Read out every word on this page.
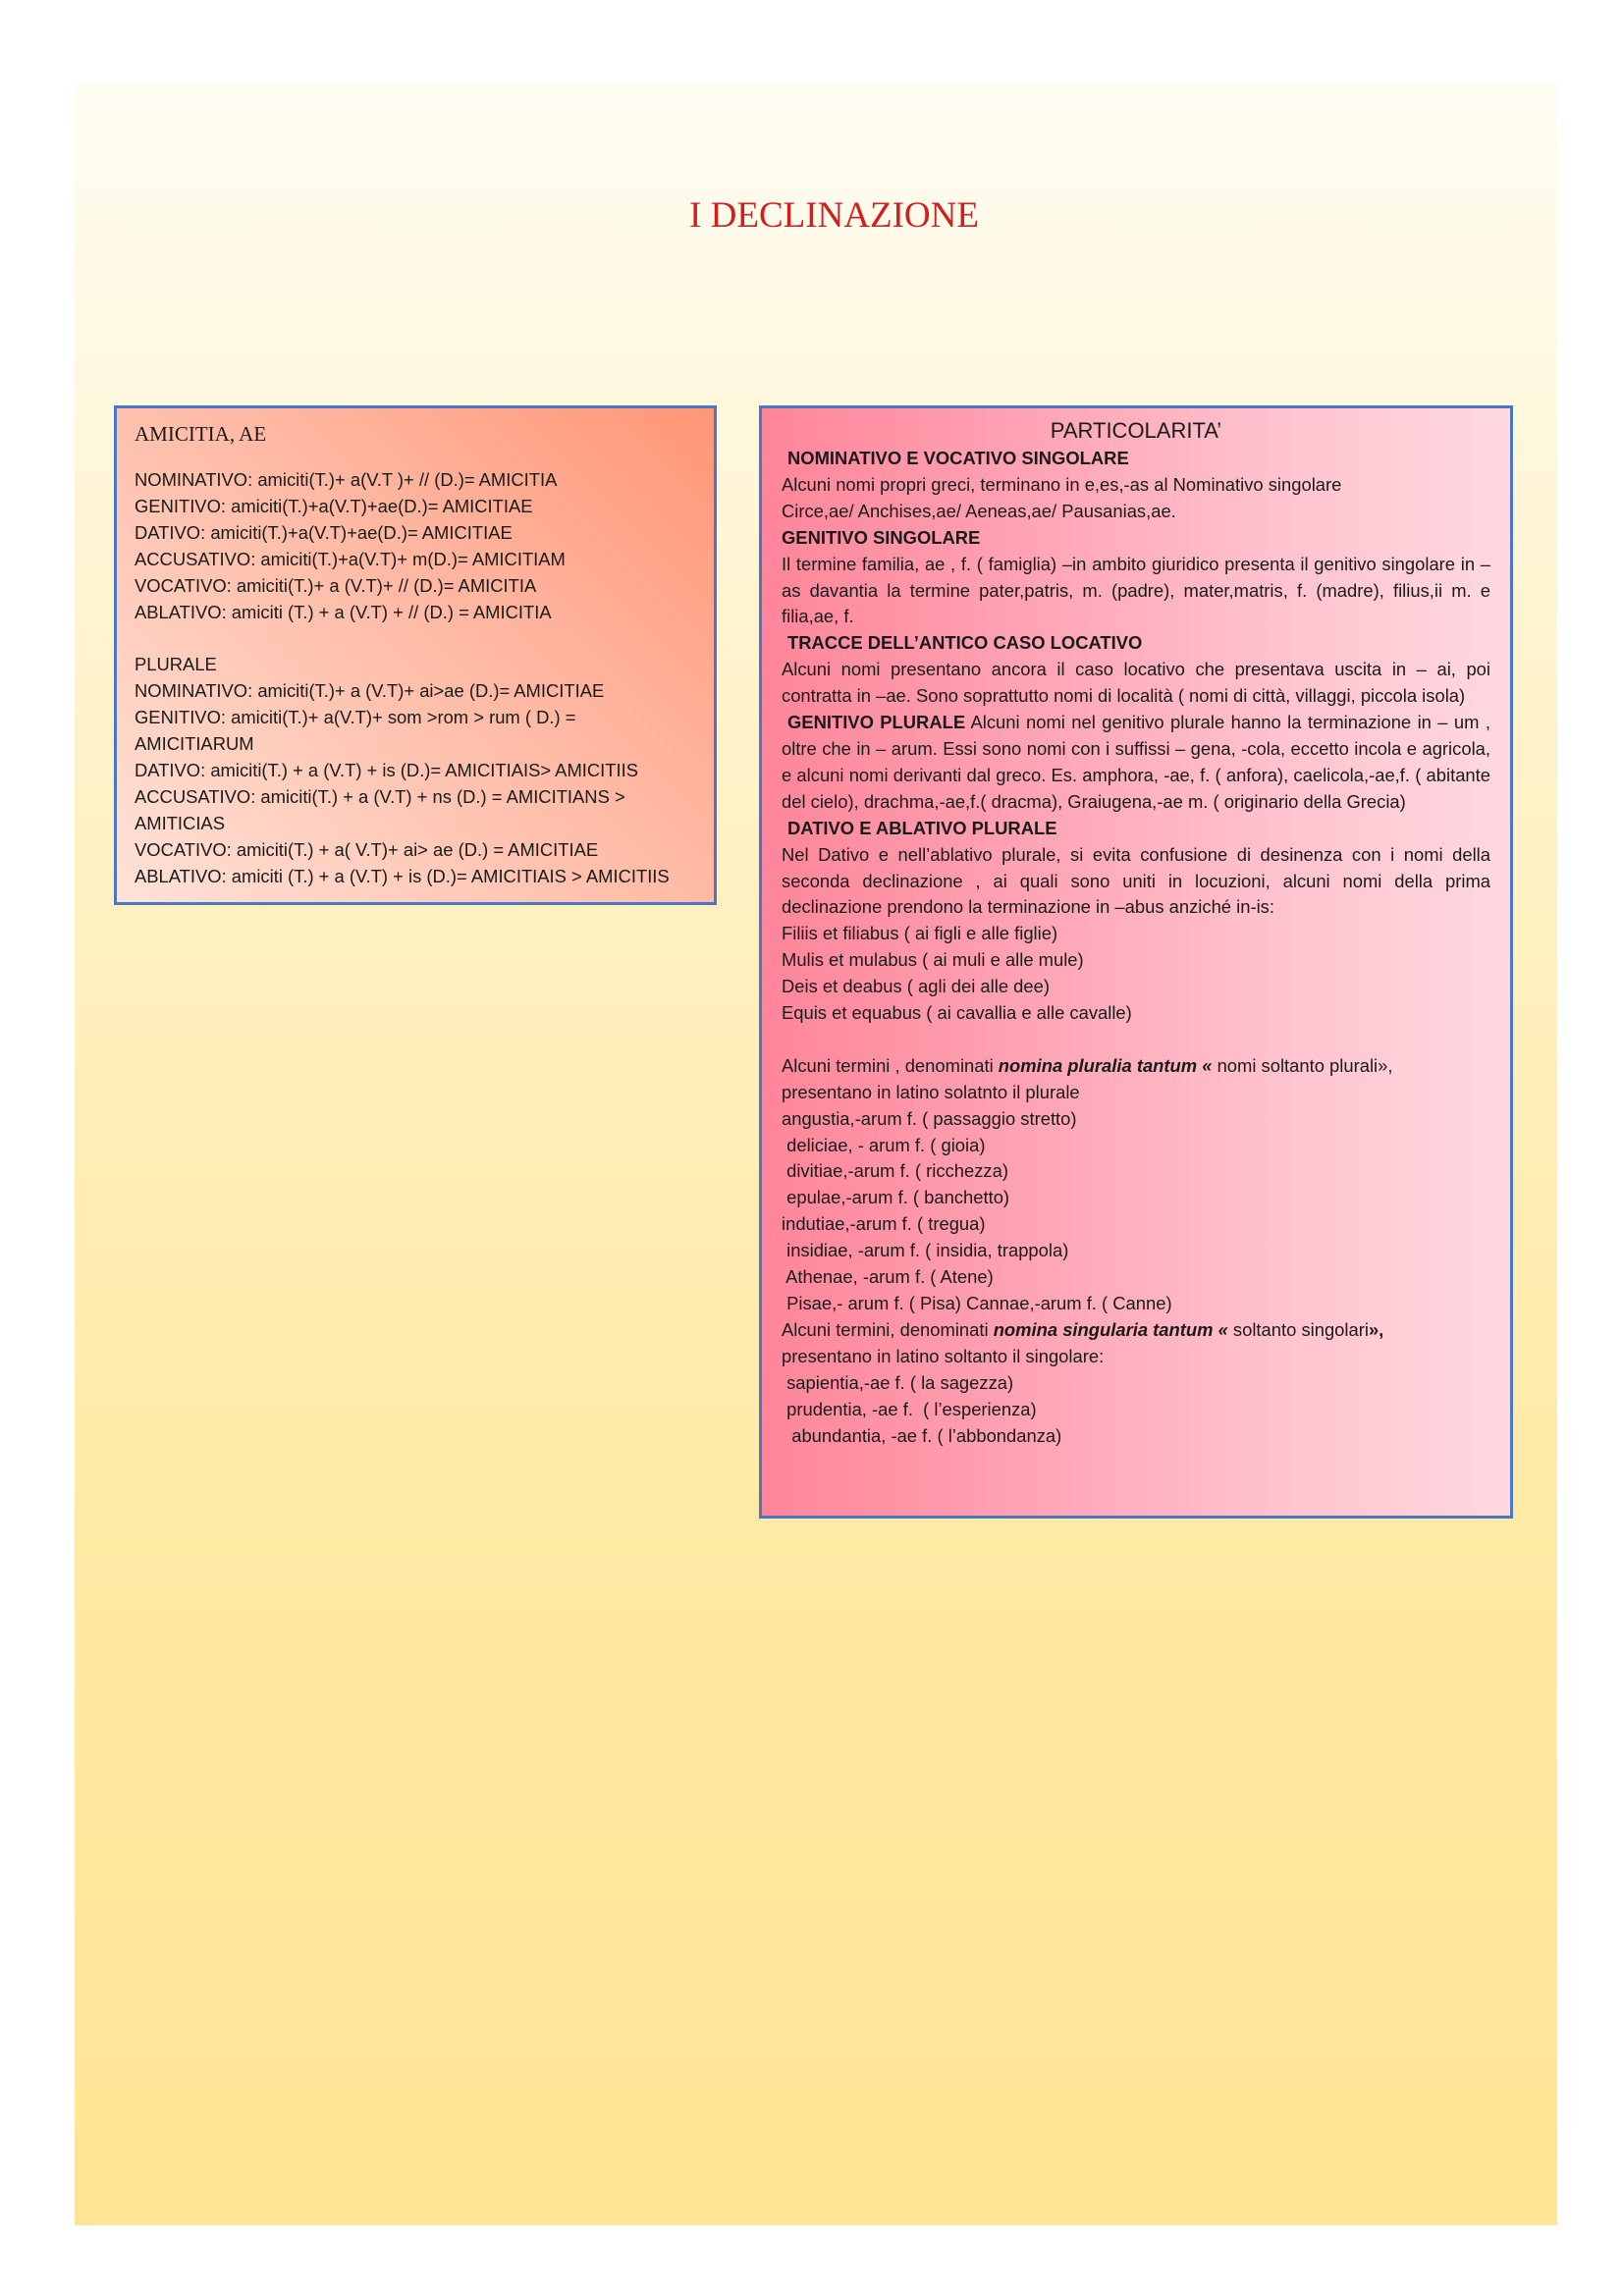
I DECLINAZIONE
AMICITIA, AE
NOMINATIVO: amiciti(T.)+ a(V.T )+ // (D.)= AMICITIA
GENITIVO: amiciti(T.)+a(V.T)+ae(D.)= AMICITIAE
DATIVO: amiciti(T.)+a(V.T)+ae(D.)= AMICITIAE
ACCUSATIVO: amiciti(T.)+a(V.T)+ m(D.)= AMICITIAM
VOCATIVO: amiciti(T.)+ a (V.T)+ // (D.)= AMICITIA
ABLATIVO: amiciti (T.) + a (V.T) + // (D.) = AMICITIA
PLURALE
NOMINATIVO: amiciti(T.)+ a (V.T)+ ai>ae (D.)= AMICITIAE
GENITIVO: amiciti(T.)+ a(V.T)+ som >rom > rum ( D.) =
AMICITIARUM
DATIVO: amiciti(T.) + a (V.T) + is (D.)= AMICITIAIS> AMICITIIS
ACCUSATIVO: amiciti(T.) + a (V.T) + ns (D.) = AMICITIANS >
AMITICIAS
VOCATIVO: amiciti(T.) + a( V.T)+ ai> ae (D.) = AMICITIAE
ABLATIVO: amiciti (T.) + a (V.T) + is (D.)= AMICITIAIS > AMICITIIS
PARTICOLARITA’
NOMINATIVO E VOCATIVO SINGOLARE
Alcuni nomi propri greci, terminano in e,es,-as al Nominativo singolare
Circe,ae/ Anchises,ae/ Aeneas,ae/ Pausanias,ae.
GENITIVO SINGOLARE
Il termine familia, ae , f. ( famiglia) –in ambito giuridico presenta il genitivo singolare in –as davantia la termine pater,patris, m. (padre), mater,matris, f. (madre), filius,ii m. e filia,ae, f.
TRACCE DELL’ANTICO CASO LOCATIVO
Alcuni nomi presentano ancora il caso locativo che presentava uscita in – ai, poi contratta in –ae. Sono soprattutto nomi di località ( nomi di città, villaggi, piccola isola)
GENITIVO PLURALE Alcuni nomi nel genitivo plurale hanno la terminazione in – um , oltre che in – arum. Essi sono nomi con i suffissi – gena, -cola, eccetto incola e agricola, e alcuni nomi derivanti dal greco. Es. amphora, -ae, f. ( anfora), caelicola,-ae,f. ( abitante del cielo), drachma,-ae,f.( dracma), Graiugena,-ae m. ( originario della Grecia)
DATIVO E ABLATIVO PLURALE
Nel Dativo e nell’ablativo plurale, si evita confusione di desinenza con i nomi della seconda declinazione , ai quali sono uniti in locuzioni, alcuni nomi della prima declinazione prendono la terminazione in –abus anziché in-is:
Filiis et filiabus ( ai figli e alle figlie)
Mulis et mulabus ( ai muli e alle mule)
Deis et deabus ( agli dei alle dee)
Equis et equabus ( ai cavallia e alle cavalle)
Alcuni termini , denominati nomina pluralia tantum « nomi soltanto plurali»,
presentano in latino solatnto il plurale
angustia,-arum f. ( passaggio stretto)
deliciae, - arum f. ( gioia)
divitiae,-arum f. ( ricchezza)
epulae,-arum f. ( banchetto)
indutiae,-arum f. ( tregua)
insidiae, -arum f. ( insidia, trappola)
Athenae, -arum f. ( Atene)
Pisae,- arum f. ( Pisa) Cannae,-arum f. ( Canne)
Alcuni termini, denominati nomina singularia tantum « soltanto singolari»,
presentano in latino soltanto il singolare:
sapientia,-ae f. ( la sagezza)
prudentia, -ae f.  ( l’esperienza)
abundantia, -ae f. ( l’abbondanza)
